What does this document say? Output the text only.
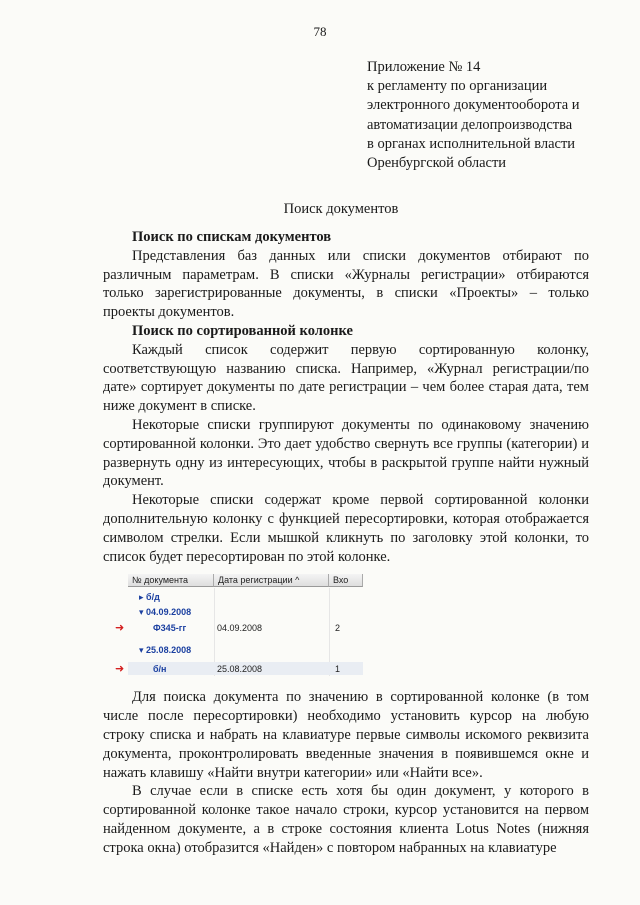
78
Приложение № 14
к регламенту по организации
электронного документооборота и
автоматизации делопроизводства
в органах исполнительной власти
Оренбургской области
Поиск документов

Поиск по спискам документов

Представления баз данных или списки документов отбирают по различным параметрам. В списки «Журналы регистрации» отбираются только зарегистрированные документы, в списки «Проекты» – только проекты документов.

Поиск по сортированной колонке

Каждый список содержит первую сортированную колонку, соответствующую названию списка. Например, «Журнал регистрации/по дате» сортирует документы по дате регистрации – чем более старая дата, тем ниже документ в списке.

Некоторые списки группируют документы по одинаковому значению сортированной колонки. Это дает удобство свернуть все группы (категории) и развернуть одну из интересующих, чтобы в раскрытой группе найти нужный документ.

Некоторые списки содержат кроме первой сортированной колонки дополнительную колонку с функцией пересортировки, которая отображается символом стрелки. Если мышкой кликнуть по заголовку этой колонки, то список будет пересортирован по этой колонке.

№ документа	Дата регистрации ^	Вхо
▸ б/д
▾ 04.09.2008
➜	Ф345-гг	04.09.2008	2
▾ 25.08.2008
➜	б/н	25.08.2008	1

Для поиска документа по значению в сортированной колонке (в том числе после пересортировки) необходимо установить курсор на любую строку списка и набрать на клавиатуре первые символы искомого реквизита документа, проконтролировать введенные значения в появившемся окне и нажать клавишу «Найти внутри категории» или «Найти все».

В случае если в списке есть хотя бы один документ, у которого в сортированной колонке такое начало строки, курсор установится на первом найденном документе, а в строке состояния клиента Lotus Notes (нижняя строка окна) отобразится «Найден» с повтором набранных на клавиатуре
